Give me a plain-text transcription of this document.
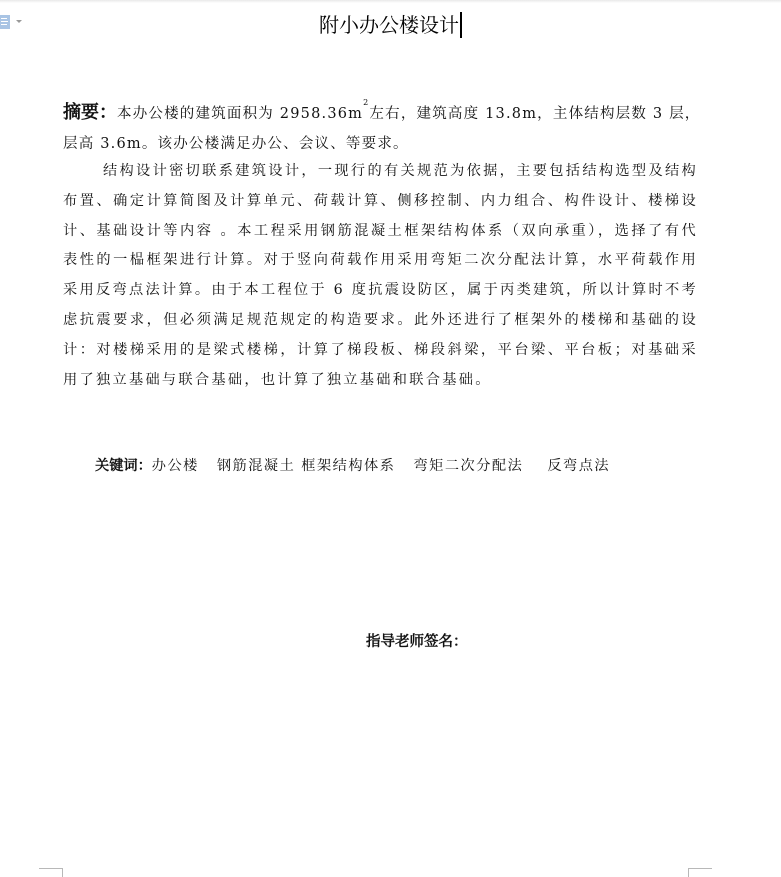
附小办公楼设计
摘要：本办公楼的建筑面积为 $2958.36m^2$左右，建筑高度 13.8m，主体结构层数 3 层，层高 3.6m。该办公楼满足办公、会议、等要求。
结构设计密切联系建筑设计，一现行的有关规范为依据，主要包括结构选型及结构布置、确定计算简图及计算单元、荷载计算、侧移控制、内力组合、构件设计、楼梯设计、基础设计等内容 。本工程采用钢筋混凝土框架结构体系（双向承重），选择了有代表性的一榀框架进行计算。对于竖向荷载作用采用弯矩二次分配法计算，水平荷载作用采用反弯点法计算。由于本工程位于 6 度抗震设防区，属于丙类建筑，所以计算时不考虑抗震要求，但必须满足规范规定的构造要求。此外还进行了框架外的楼梯和基础的设计：对楼梯采用的是梁式楼梯，计算了梯段板、梯段斜梁，平台梁、平台板；对基础采用了独立基础与联合基础，也计算了独立基础和联合基础。
关键词：办公楼   钢筋混凝土 框架结构体系   弯矩二次分配法    反弯点法
指导老师签名：
